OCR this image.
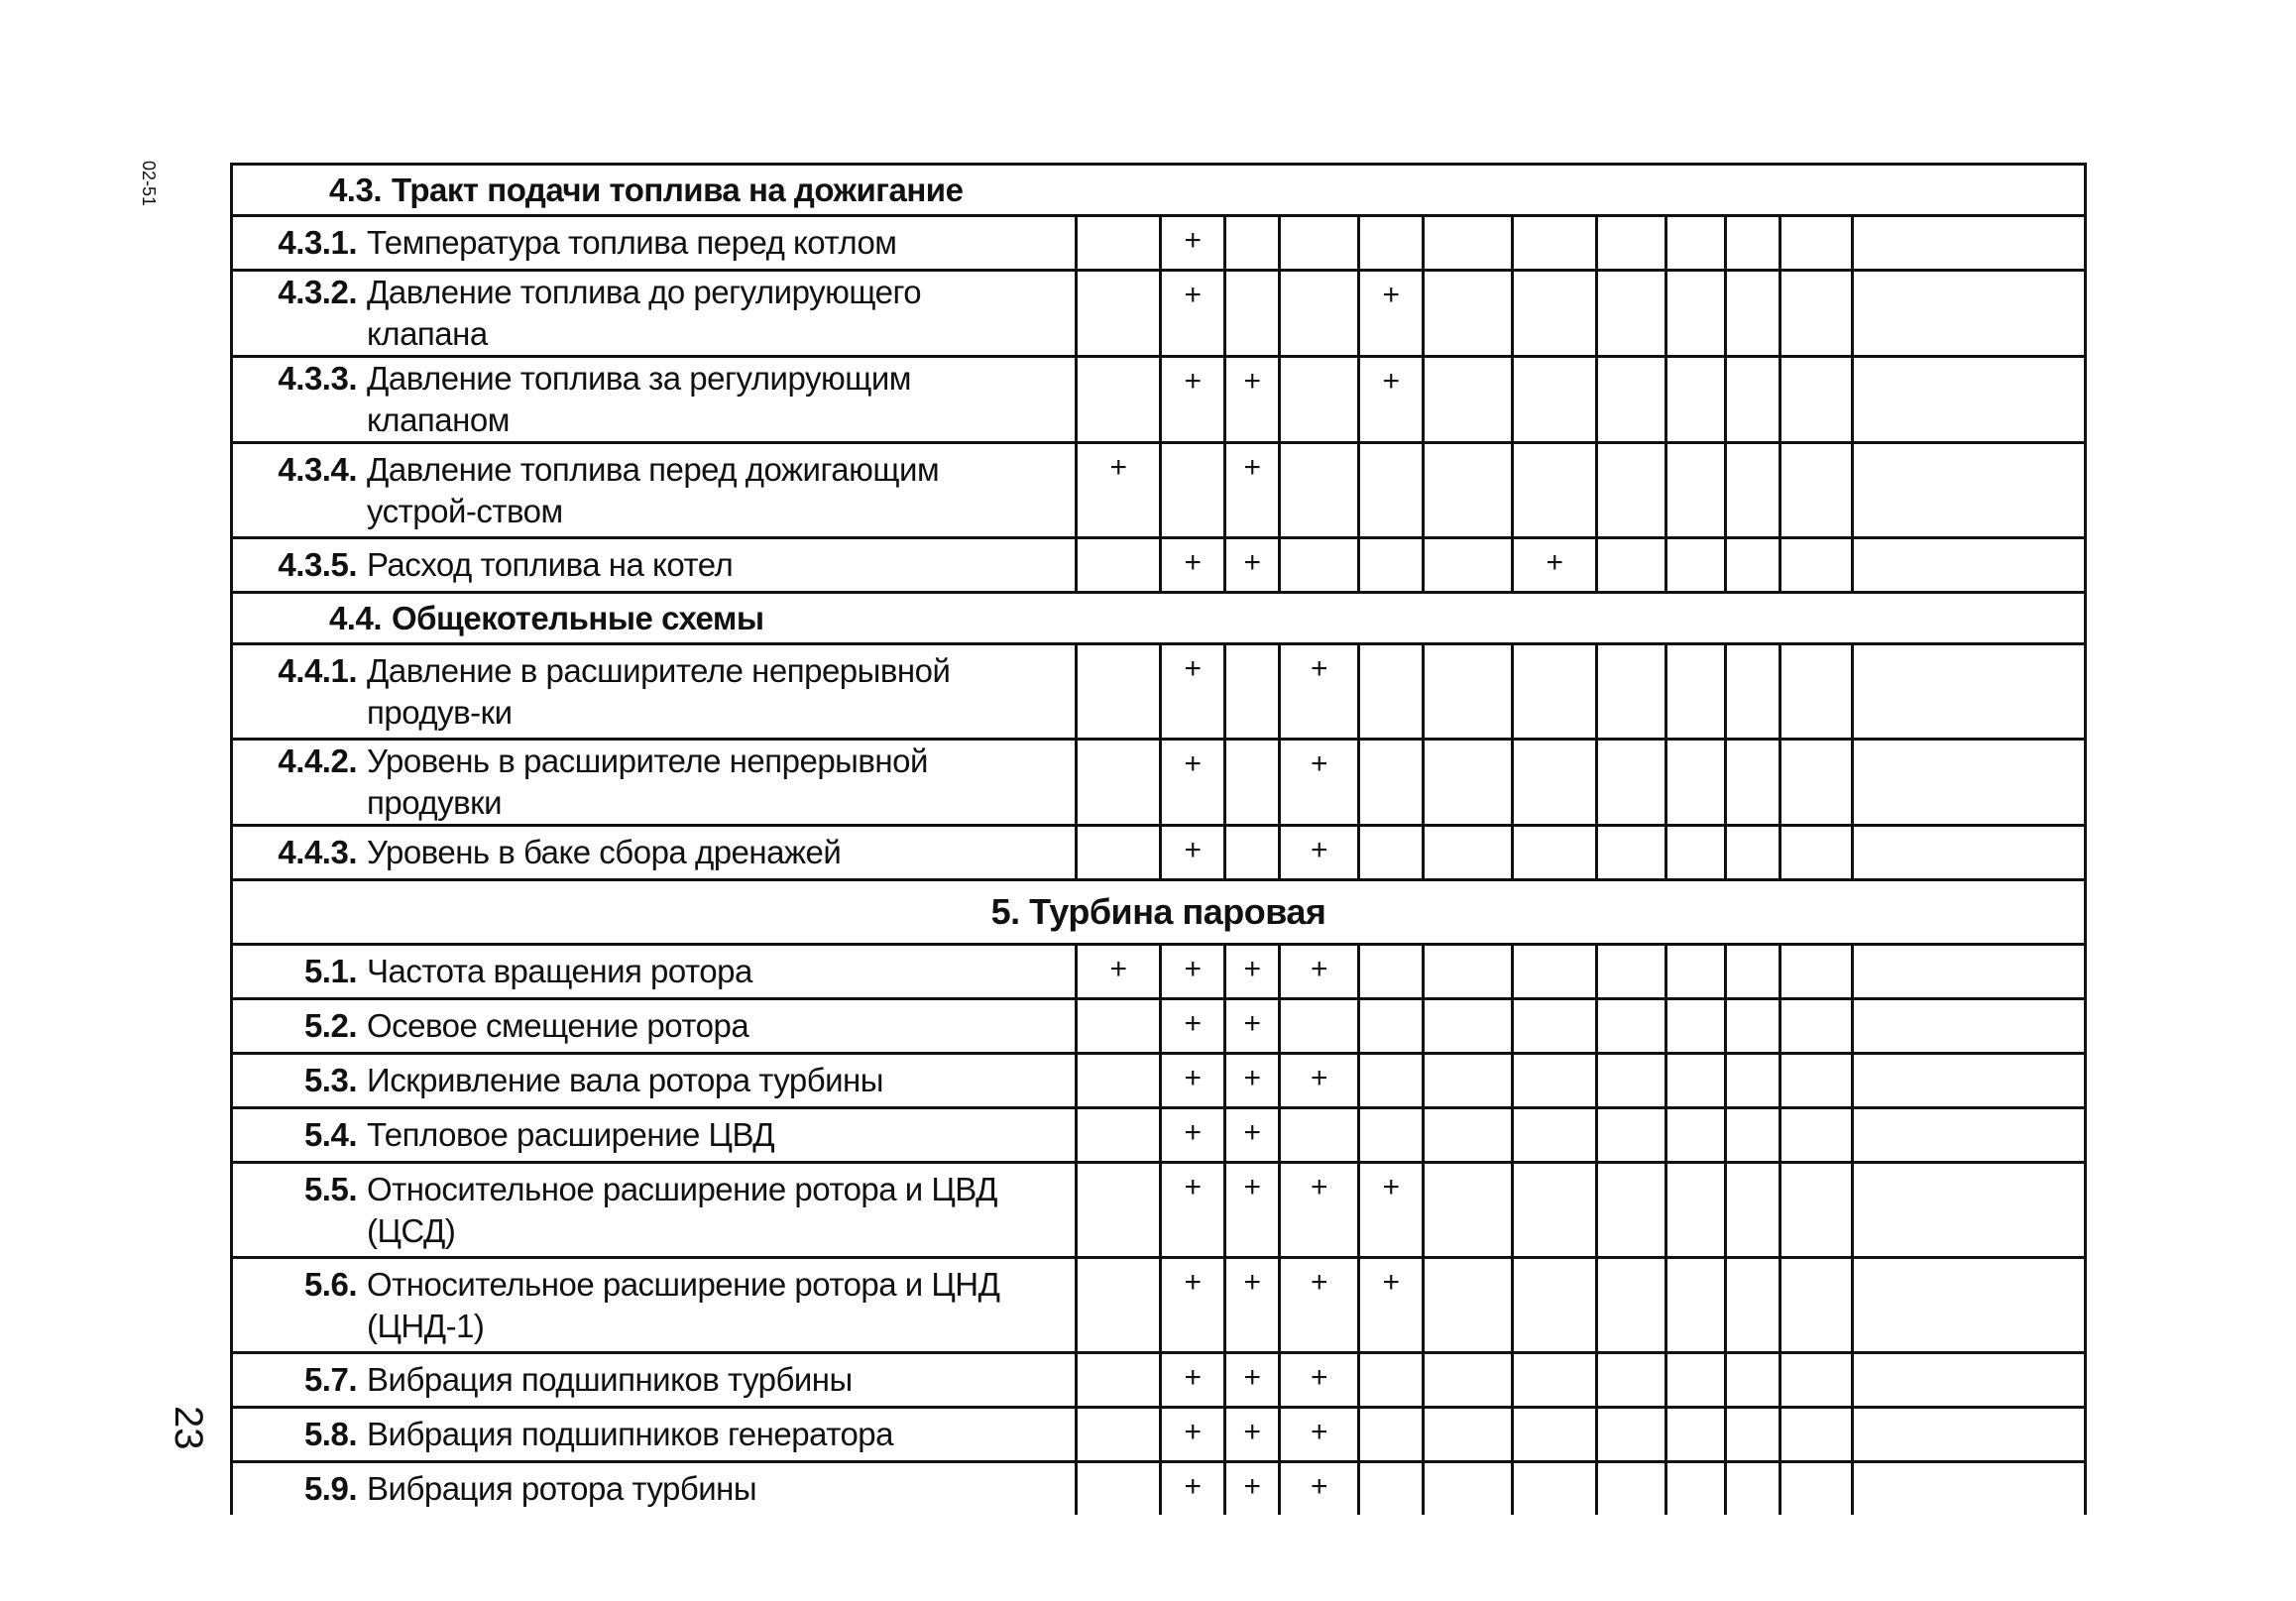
02-51
23
4.3. Тракт подачи топлива на дожигание												
4.3.1. Температура топлива перед котлом		+										
4.3.2. Давление топлива до регулирующего клапана		+			+							
4.3.3. Давление топлива за регулирующим клапаном		+	+		+							
4.3.4. Давление топлива перед дожигающим устрой-ством	+		+									
4.3.5. Расход топлива на котел		+	+				+					
4.4. Общекотельные схемы												
4.4.1. Давление в расширителе непрерывной продув-ки		+		+								
4.4.2. Уровень в расширителе непрерывной продувки		+		+								
4.4.3. Уровень в баке сбора дренажей		+		+								
5. Турбина паровая												
5.1. Частота вращения ротора	+	+	+	+								
5.2. Осевое смещение ротора		+	+									
5.3. Искривление вала ротора турбины		+	+	+								
5.4. Тепловое расширение ЦВД		+	+									
5.5. Относительное расширение ротора и ЦВД (ЦСД)		+	+	+	+							
5.6. Относительное расширение ротора и ЦНД (ЦНД-1)		+	+	+	+							
5.7. Вибрация подшипников турбины		+	+	+								
5.8. Вибрация подшипников генератора		+	+	+								
5.9. Вибрация ротора турбины		+	+	+								
